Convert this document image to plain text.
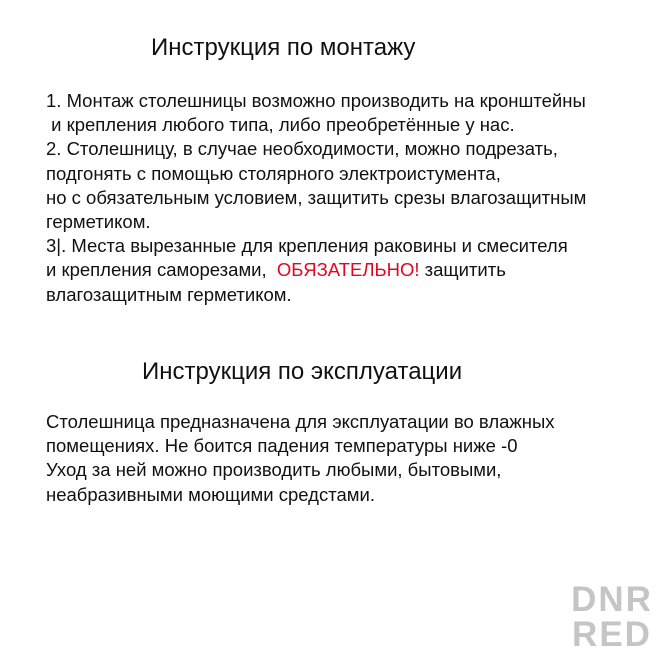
Инструкция по монтажу
1. Монтаж столешницы возможно производить на кронштейны
и крепления любого типа, либо преобретённые у нас.
2. Столешницу, в случае необходимости, можно подрезать,
подгонять с помощью столярного электроистумента,
но с обязательным условием, защитить срезы влагозащитным
герметиком.
3|. Места вырезанные для крепления раковины и смесителя
и крепления саморезами,  ОБЯЗАТЕЛЬНО! защитить
влагозащитным герметиком.
Инструкция по эксплуатации
Столешница предназначена для эксплуатации во влажных
помещениях. Не боится падения температуры ниже -0
Уход за ней можно производить любыми, бытовыми,
неабразивными моющими средстами.
DNR
RED
